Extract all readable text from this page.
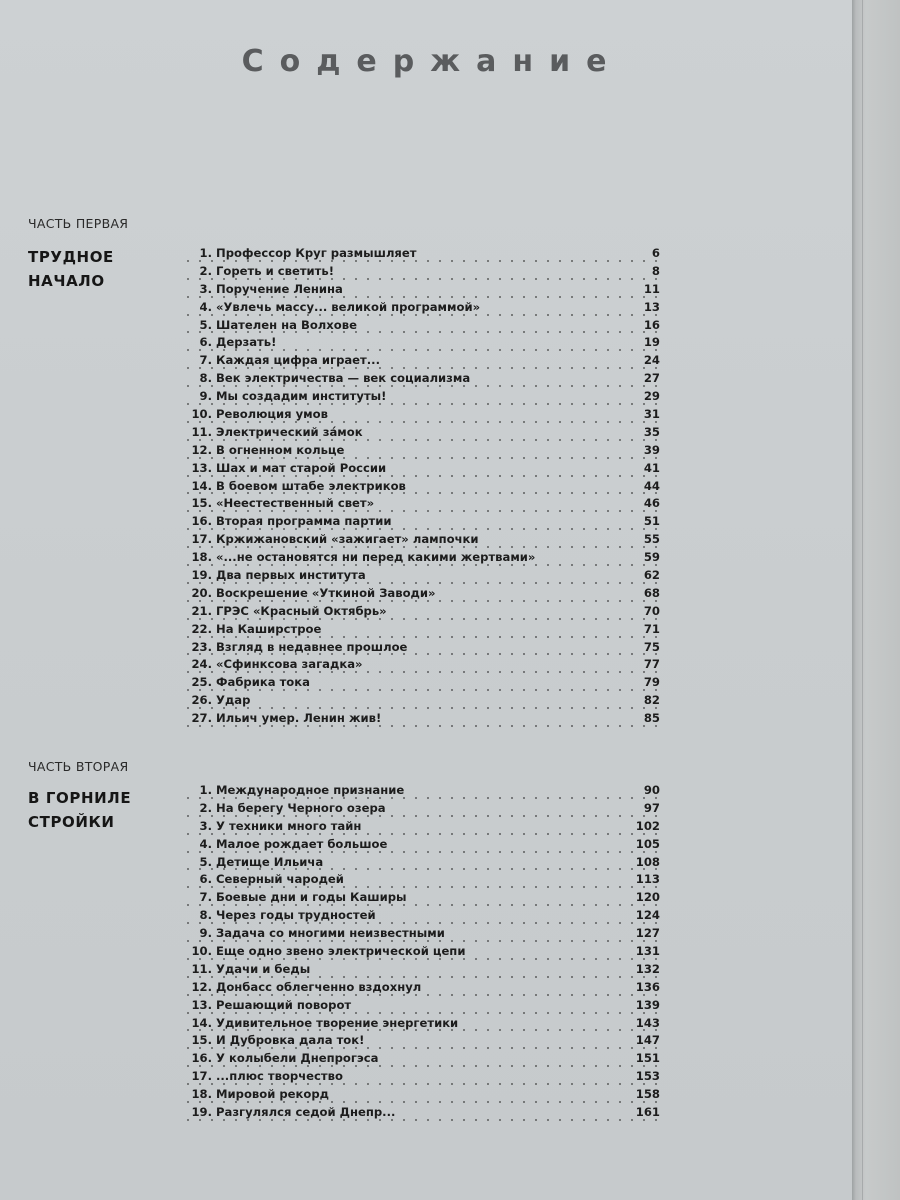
Содержание
ЧАСТЬ ПЕРВАЯ
ТРУДНОЕ
НАЧАЛО
1. Профессор Круг размышляет	6
2. Гореть и светить!	8
3. Поручение Ленина	11
4. «Увлечь массу... великой программой»	13
5. Шателен на Волхове	16
6. Дерзать!	19
7. Каждая цифра играет...	24
8. Век электричества — век социализма	27
9. Мы создадим институты!	29
10. Революция умов	31
11. Электрический зáмок	35
12. В огненном кольце	39
13. Шах и мат старой России	41
14. В боевом штабе электриков	44
15. «Неестественный свет»	46
16. Вторая программа партии	51
17. Кржижановский «зажигает» лампочки	55
18. «...не остановятся ни перед какими жертвами»	59
19. Два первых института	62
20. Воскрешение «Уткиной Заводи»	68
21. ГРЭС «Красный Октябрь»	70
22. На Каширстрое	71
23. Взгляд в недавнее прошлое	75
24. «Сфинксова загадка»	77
25. Фабрика тока	79
26. Удар	82
27. Ильич умер. Ленин жив!	85
ЧАСТЬ ВТОРАЯ
В ГОРНИЛЕ
СТРОЙКИ
1. Международное признание	90
2. На берегу Черного озера	97
3. У техники много тайн	102
4. Малое рождает большое	105
5. Детище Ильича	108
6. Северный чародей	113
7. Боевые дни и годы Каширы	120
8. Через годы трудностей	124
9. Задача со многими неизвестными	127
10. Еще одно звено электрической цепи	131
11. Удачи и беды	132
12. Донбасс облегченно вздохнул	136
13. Решающий поворот	139
14. Удивительное творение энергетики	143
15. И Дубровка дала ток!	147
16. У колыбели Днепрогэса	151
17. ...плюс творчество	153
18. Мировой рекорд	158
19. Разгулялся седой Днепр...	161
